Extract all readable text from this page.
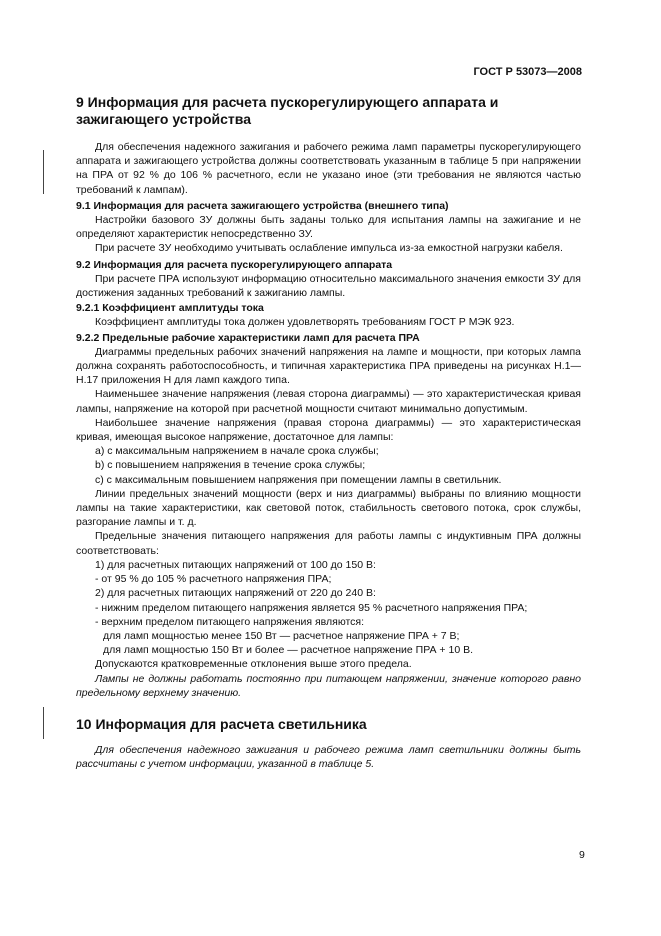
ГОСТ Р 53073—2008
9 Информация для расчета пускорегулирующего аппарата и зажигающего устройства

Для обеспечения надежного зажигания и рабочего режима ламп параметры пускорегулирующего аппарата и зажигающего устройства должны соответствовать указанным в таблице 5 при напряжении на ПРА от 92 % до 106 % расчетного, если не указано иное (эти требования не являются частью требований к лампам).

9.1 Информация для расчета зажигающего устройства (внешнего типа)

Настройки базового ЗУ должны быть заданы только для испытания лампы на зажигание и не определяют характеристик непосредственно ЗУ.

При расчете ЗУ необходимо учитывать ослабление импульса из-за емкостной нагрузки кабеля.

9.2 Информация для расчета пускорегулирующего аппарата

При расчете ПРА используют информацию относительно максимального значения емкости ЗУ для достижения заданных требований к зажиганию лампы.

9.2.1 Коэффициент амплитуды тока

Коэффициент амплитуды тока должен удовлетворять требованиям ГОСТ Р МЭК 923.

9.2.2 Предельные рабочие характеристики ламп для расчета ПРА

Диаграммы предельных рабочих значений напряжения на лампе и мощности, при которых лампа должна сохранять работоспособность, и типичная характеристика ПРА приведены на рисунках Н.1—Н.17 приложения Н для ламп каждого типа.

Наименьшее значение напряжения (левая сторона диаграммы) — это характеристическая кривая лампы, напряжение на которой при расчетной мощности считают минимально допустимым.

Наибольшее значение напряжения (правая сторона диаграммы) — это характеристическая кривая, имеющая высокое напряжение, достаточное для лампы:

a) с максимальным напряжением в начале срока службы;

b) с повышением напряжения в течение срока службы;

c) с максимальным повышением напряжения при помещении лампы в светильник.

Линии предельных значений мощности (верх и низ диаграммы) выбраны по влиянию мощности лампы на такие характеристики, как световой поток, стабильность светового потока, срок службы, разгорание лампы и т. д.

Предельные значения питающего напряжения для работы лампы с индуктивным ПРА должны соответствовать:

1) для расчетных питающих напряжений от 100 до 150 В:

- от 95 % до 105 % расчетного напряжения ПРА;

2) для расчетных питающих напряжений от 220 до 240 В:

- нижним пределом питающего напряжения является 95 % расчетного напряжения ПРА;

- верхним пределом питающего напряжения являются:

для ламп мощностью менее 150 Вт — расчетное напряжение ПРА + 7 В;

для ламп мощностью 150 Вт и более — расчетное напряжение ПРА + 10 В.

Допускаются кратковременные отклонения выше этого предела.

Лампы не должны работать постоянно при питающем напряжении, значение которого равно предельному верхнему значению.

10 Информация для расчета светильника

Для обеспечения надежного зажигания и рабочего режима ламп светильники должны быть рассчитаны с учетом информации, указанной в таблице 5.

9
